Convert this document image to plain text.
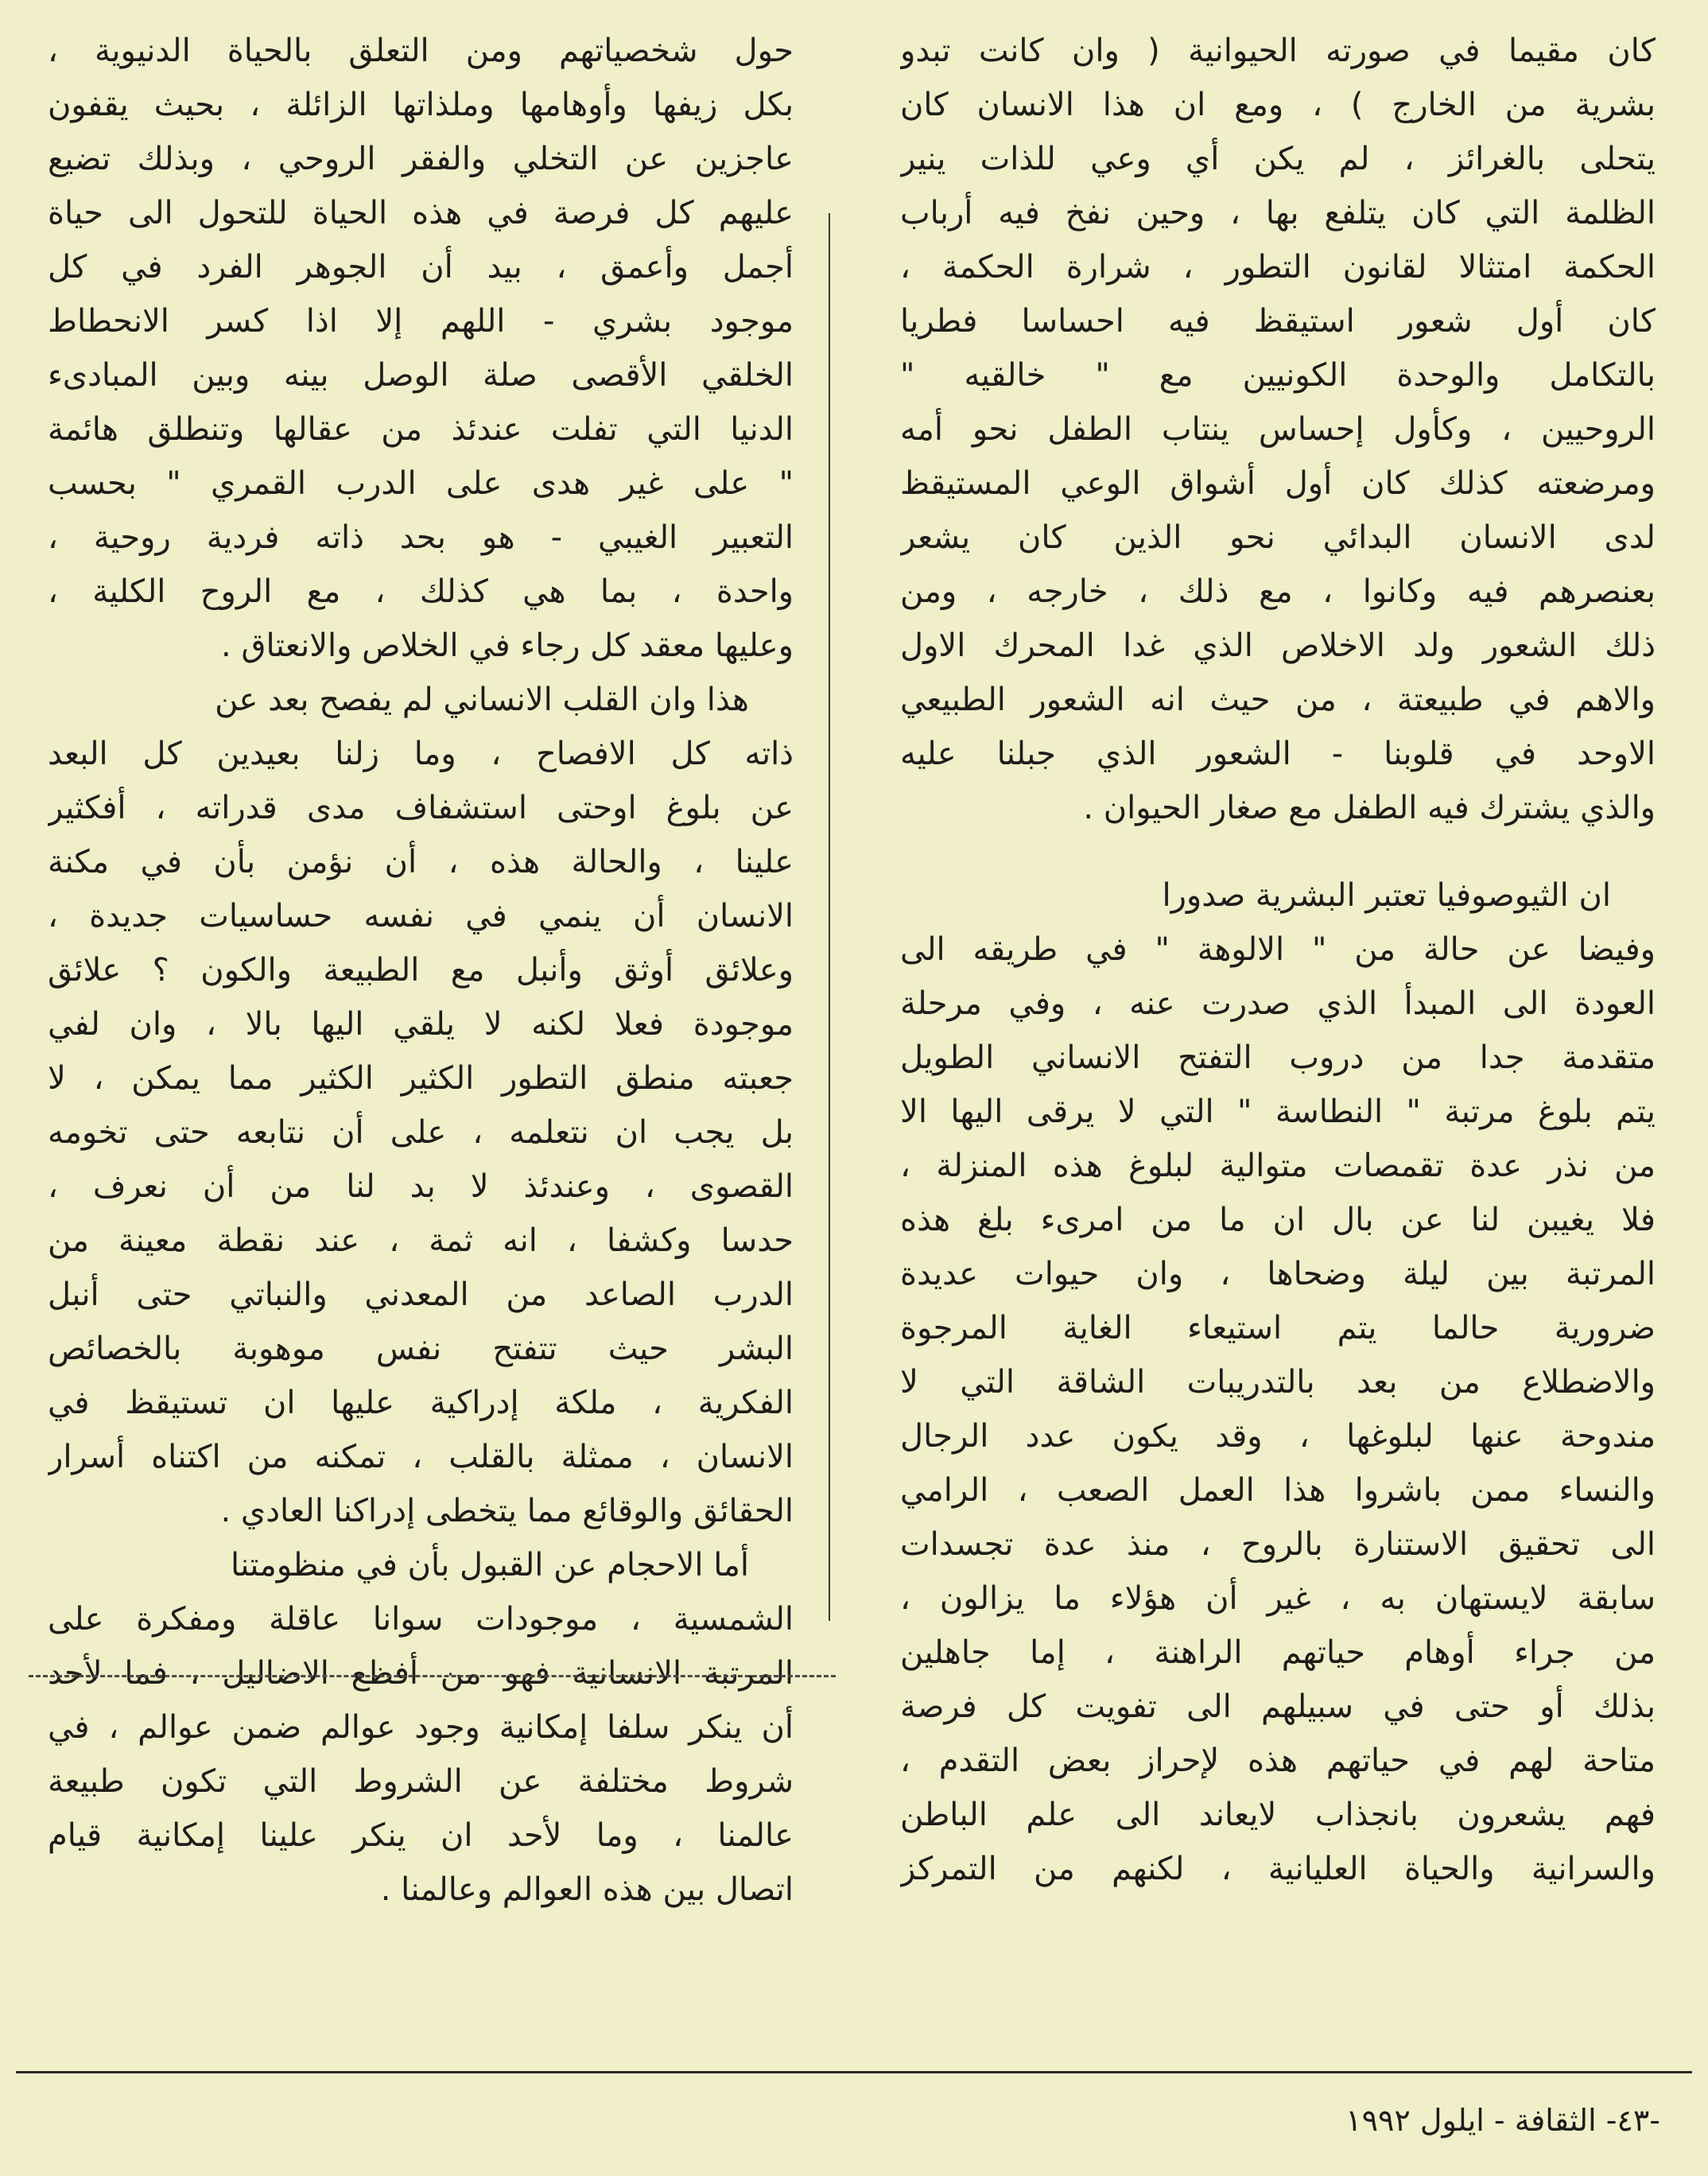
كان مقيما في صورته الحيوانية ( وان كانت تبدو
بشرية من الخارج ) ، ومع ان هذا الانسان كان
يتحلى بالغرائز ، لم يكن أي وعي للذات ينير
الظلمة التي كان يتلفع بها ، وحين نفخ فيه أرباب
الحكمة امتثالا لقانون التطور ، شرارة الحكمة ،
كان أول شعور استيقظ فيه احساسا فطريا
بالتكامل والوحدة الكونيين مع " خالقيه "
الروحيين ، وكأول إحساس ينتاب الطفل نحو أمه
ومرضعته كذلك كان أول أشواق الوعي المستيقظ
لدى الانسان البدائي نحو الذين كان يشعر
بعنصرهم فيه وكانوا ، مع ذلك ، خارجه ، ومن
ذلك الشعور ولد الاخلاص الذي غدا المحرك الاول
والاهم في طبيعتة ، من حيث انه الشعور الطبيعي
الاوحد في قلوبنا - الشعور الذي جبلنا عليه
والذي يشترك فيه الطفل مع صغار الحيوان .
ان الثيوصوفيا تعتبر البشرية صدورا
وفيضا عن حالة من " الالوهة " في طريقه الى
العودة الى المبدأ الذي صدرت عنه ، وفي مرحلة
متقدمة جدا من دروب التفتح الانساني الطويل
يتم بلوغ مرتبة " النطاسة " التي لا يرقى اليها الا
من نذر عدة تقمصات متوالية لبلوغ هذه المنزلة ،
فلا يغيبن لنا عن بال ان ما من امرىء بلغ هذه
المرتبة بين ليلة وضحاها ، وان حيوات عديدة
ضرورية حالما يتم استيعاء الغاية المرجوة
والاضطلاع من بعد بالتدريبات الشاقة التي لا
مندوحة عنها لبلوغها ، وقد يكون عدد الرجال
والنساء ممن باشروا هذا العمل الصعب ، الرامي
الى تحقيق الاستنارة بالروح ، منذ عدة تجسدات
سابقة لايستهان به ، غير أن هؤلاء ما يزالون ،
من جراء أوهام حياتهم الراهنة ، إما جاهلين
بذلك أو حتى في سبيلهم الى تفويت كل فرصة
متاحة لهم في حياتهم هذه لإحراز بعض التقدم ،
فهم يشعرون بانجذاب لايعاند الى علم الباطن
والسرانية والحياة العليانية ، لكنهم من التمركز
حول شخصياتهم ومن التعلق بالحياة الدنيوية ،
بكل زيفها وأوهامها وملذاتها الزائلة ، بحيث يقفون
عاجزين عن التخلي والفقر الروحي ، وبذلك تضيع
عليهم كل فرصة في هذه الحياة للتحول الى حياة
أجمل وأعمق ، بيد أن الجوهر الفرد في كل
موجود بشري - اللهم إلا اذا كسر الانحطاط
الخلقي الأقصى صلة الوصل بينه وبين المبادىء
الدنيا التي تفلت عندئذ من عقالها وتنطلق هائمة
" على غير هدى على الدرب القمري " بحسب
التعبير الغيبي - هو بحد ذاته فردية روحية ،
واحدة ، بما هي كذلك ، مع الروح الكلية ،
وعليها معقد كل رجاء في الخلاص والانعتاق .
هذا وان القلب الانساني لم يفصح بعد عن
ذاته كل الافصاح ، وما زلنا بعيدين كل البعد
عن بلوغ اوحتى استشفاف مدى قدراته ، أفكثير
علينا ، والحالة هذه ، أن نؤمن بأن في مكنة
الانسان أن ينمي في نفسه حساسيات جديدة ،
وعلائق أوثق وأنبل مع الطبيعة والكون ؟ علائق
موجودة فعلا لكنه لا يلقي اليها بالا ، وان لفي
جعبته منطق التطور الكثير الكثير مما يمكن ، لا
بل يجب ان نتعلمه ، على أن نتابعه حتى تخومه
القصوى ، وعندئذ لا بد لنا من أن نعرف ،
حدسا وكشفا ، انه ثمة ، عند نقطة معينة من
الدرب الصاعد من المعدني والنباتي حتى أنبل
البشر حيث تتفتح نفس موهوبة بالخصائص
الفكرية ، ملكة إدراكية عليها ان تستيقظ في
الانسان ، ممثلة بالقلب ، تمكنه من اكتناه أسرار
الحقائق والوقائع مما يتخطى إدراكنا العادي .
أما الاحجام عن القبول بأن في منظومتنا
الشمسية ، موجودات سوانا عاقلة ومفكرة على
المرتبة الانسانية فهو من أفظع الاضاليل ، فما لأحد
أن ينكر سلفا إمكانية وجود عوالم ضمن عوالم ، في
شروط مختلفة عن الشروط التي تكون طبيعة
عالمنا ، وما لأحد ان ينكر علينا إمكانية قيام
اتصال بين هذه العوالم وعالمنا .
-٤٣- الثقافة - ايلول ١٩٩٢
